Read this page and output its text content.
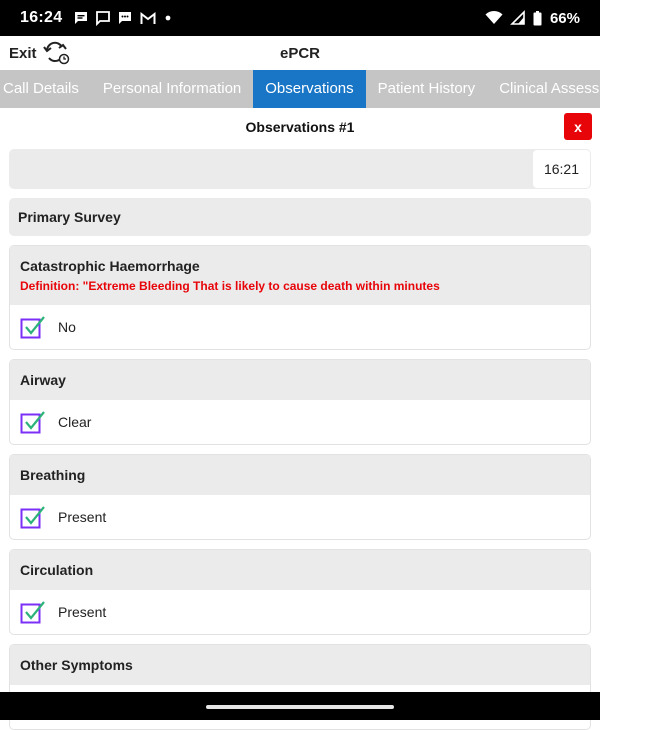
16:24	66%
Exit	ePCR
Call Details	Personal Information	Observations	Patient History	Clinical Assessment
Observations #1	x
16:21
Primary Survey
Catastrophic Haemorrhage
Definition: "Extreme Bleeding That is likely to cause death within minutes
No
Airway
Clear
Breathing
Present
Circulation
Present
Other Symptoms
